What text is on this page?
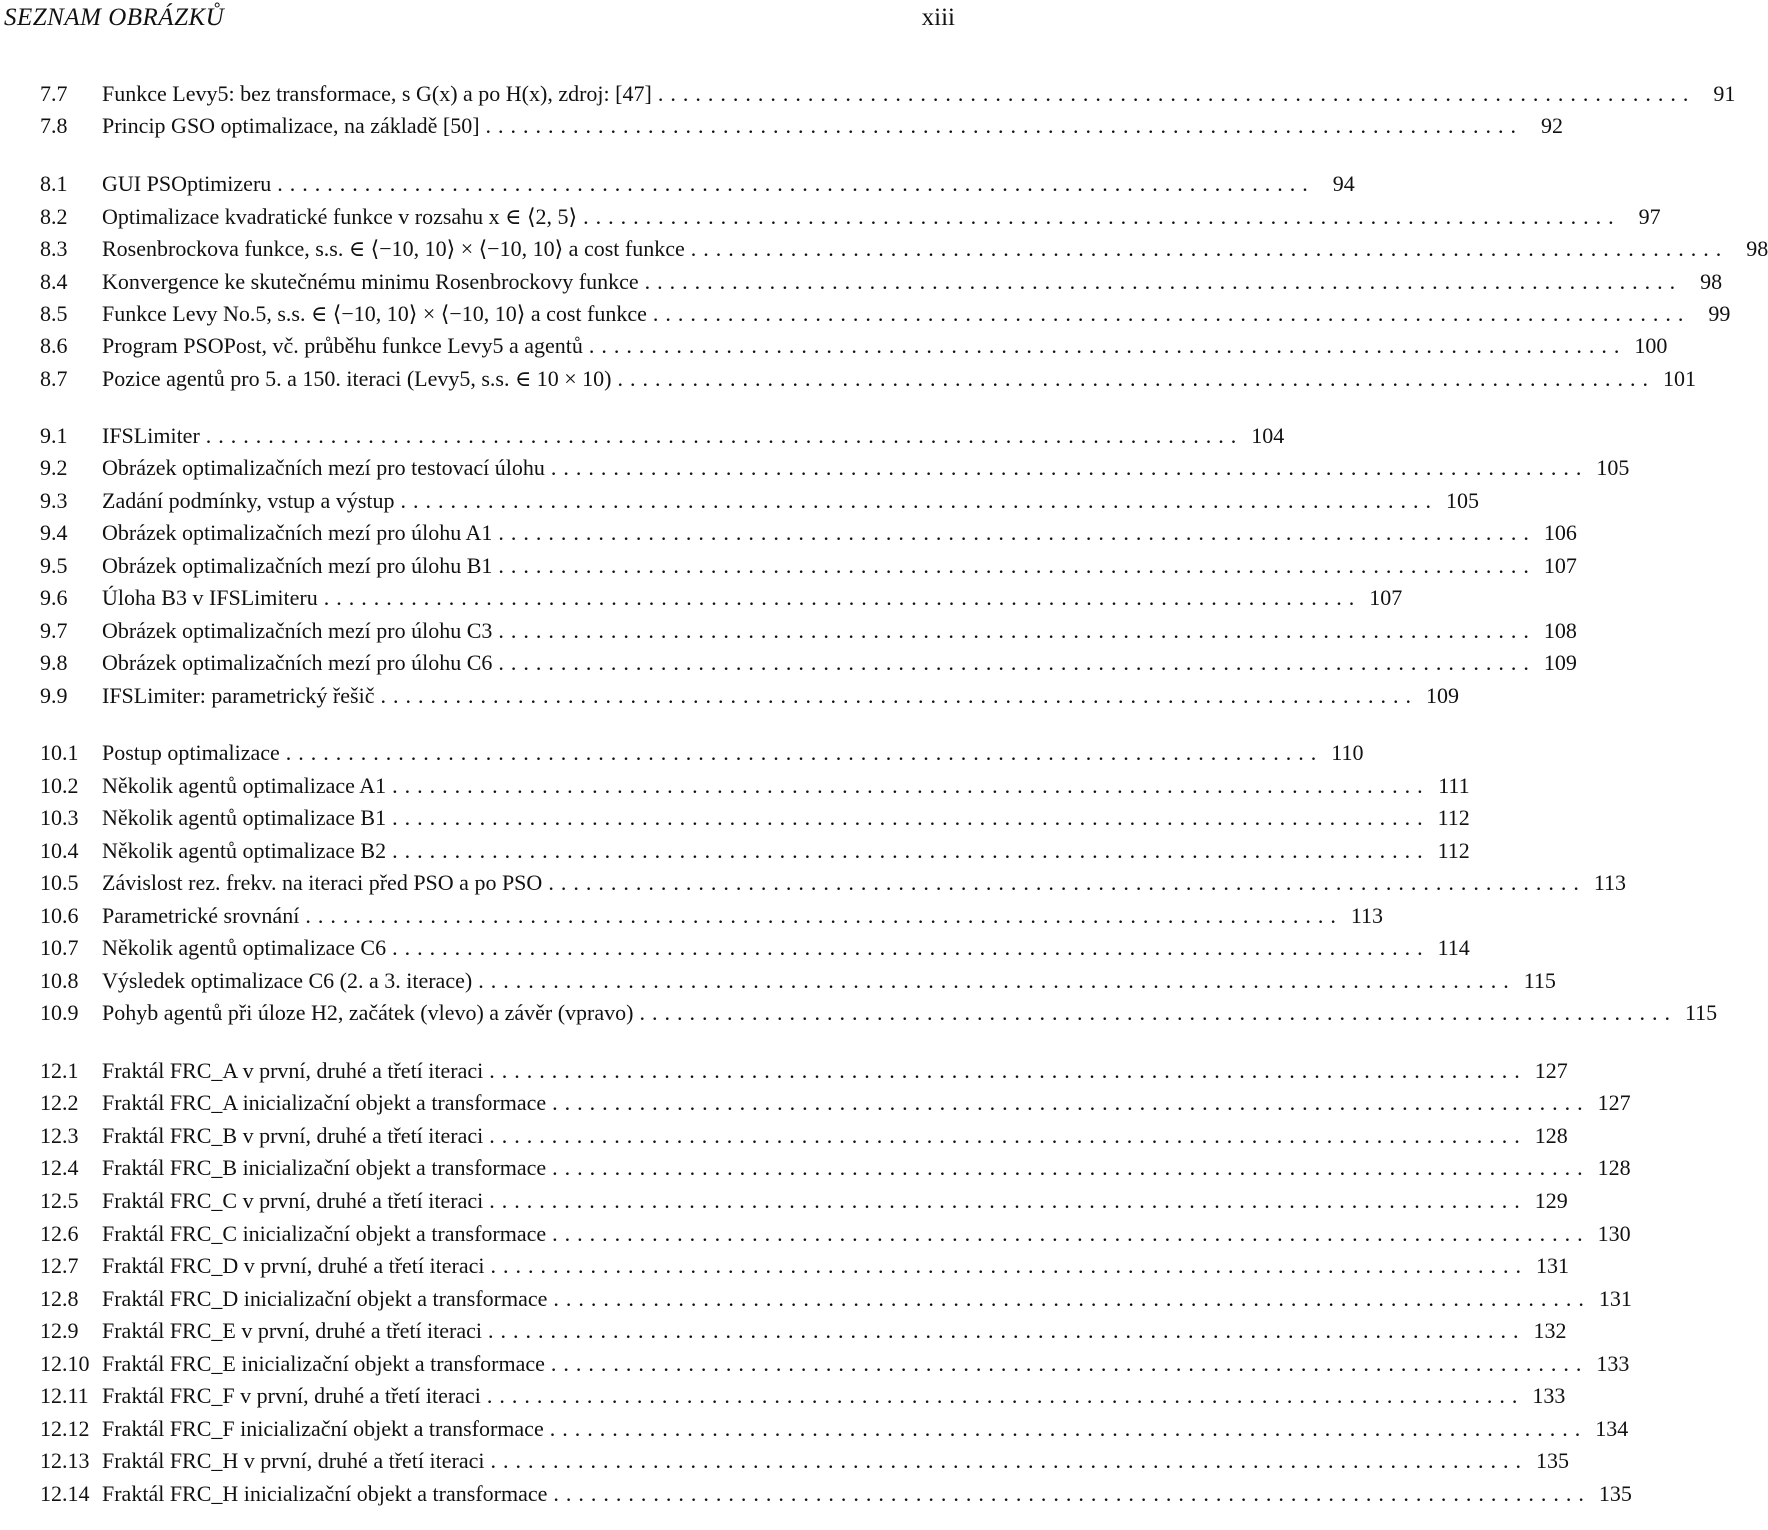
SEZNAM OBRÁZKŮ	xiii
7.7	Funkce Levy5: bez transformace, s G(x) a po H(x), zdroj: [47] ................................................................................... 91
7.8	Princip GSO optimalizace, na základě [50] ................................................................................... 92
8.1	GUI PSOptimizeru ................................................................................... 94
8.2	Optimalizace kvadratické funkce v rozsahu x ∈ ⟨2, 5⟩ ................................................................................... 97
8.3	Rosenbrockova funkce, s.s. ∈ ⟨−10, 10⟩ × ⟨−10, 10⟩ a cost funkce ................................................................................... 98
8.4	Konvergence ke skutečnému minimu Rosenbrockovy funkce ................................................................................... 98
8.5	Funkce Levy No.5, s.s. ∈ ⟨−10, 10⟩ × ⟨−10, 10⟩ a cost funkce ................................................................................... 99
8.6	Program PSOPost, vč. průběhu funkce Levy5 a agentů ................................................................................... 100
8.7	Pozice agentů pro 5. a 150. iteraci (Levy5, s.s. ∈ 10 × 10) ................................................................................... 101
9.1	IFSLimiter ................................................................................... 104
9.2	Obrázek optimalizačních mezí pro testovací úlohu ................................................................................... 105
9.3	Zadání podmínky, vstup a výstup ................................................................................... 105
9.4	Obrázek optimalizačních mezí pro úlohu A1 ................................................................................... 106
9.5	Obrázek optimalizačních mezí pro úlohu B1 ................................................................................... 107
9.6	Úloha B3 v IFSLimiteru ................................................................................... 107
9.7	Obrázek optimalizačních mezí pro úlohu C3 ................................................................................... 108
9.8	Obrázek optimalizačních mezí pro úlohu C6 ................................................................................... 109
9.9	IFSLimiter: parametrický řešič ................................................................................... 109
10.1	Postup optimalizace ................................................................................... 110
10.2	Několik agentů optimalizace A1 ................................................................................... 111
10.3	Několik agentů optimalizace B1 ................................................................................... 112
10.4	Několik agentů optimalizace B2 ................................................................................... 112
10.5	Závislost rez. frekv. na iteraci před PSO a po PSO ................................................................................... 113
10.6	Parametrické srovnání ................................................................................... 113
10.7	Několik agentů optimalizace C6 ................................................................................... 114
10.8	Výsledek optimalizace C6 (2. a 3. iterace) ................................................................................... 115
10.9	Pohyb agentů při úloze H2, začátek (vlevo) a závěr (vpravo) ................................................................................... 115
12.1	Fraktál FRC_A v první, druhé a třetí iteraci ................................................................................... 127
12.2	Fraktál FRC_A inicializační objekt a transformace ................................................................................... 127
12.3	Fraktál FRC_B v první, druhé a třetí iteraci ................................................................................... 128
12.4	Fraktál FRC_B inicializační objekt a transformace ................................................................................... 128
12.5	Fraktál FRC_C v první, druhé a třetí iteraci ................................................................................... 129
12.6	Fraktál FRC_C inicializační objekt a transformace ................................................................................... 130
12.7	Fraktál FRC_D v první, druhé a třetí iteraci ................................................................................... 131
12.8	Fraktál FRC_D inicializační objekt a transformace ................................................................................... 131
12.9	Fraktál FRC_E v první, druhé a třetí iteraci ................................................................................... 132
12.10 Fraktál FRC_E inicializační objekt a transformace ................................................................................... 133
12.11 Fraktál FRC_F v první, druhé a třetí iteraci ................................................................................... 133
12.12 Fraktál FRC_F inicializační objekt a transformace ................................................................................... 134
12.13 Fraktál FRC_H v první, druhé a třetí iteraci ................................................................................... 135
12.14 Fraktál FRC_H inicializační objekt a transformace ................................................................................... 135
